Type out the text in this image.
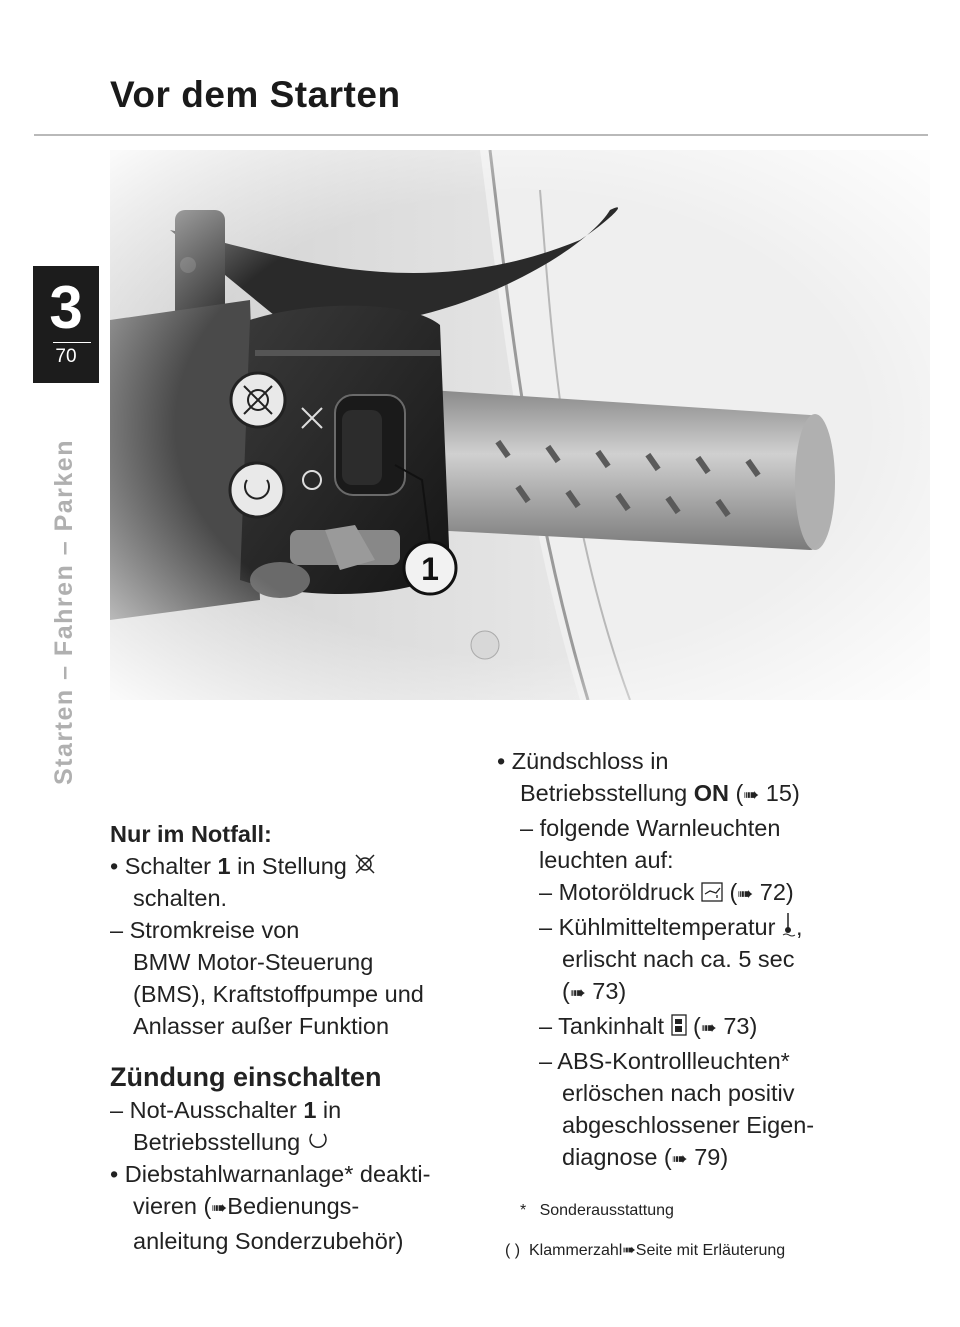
Vor dem Starten
3
70
Starten – Fahren – Parken
Nur im Notfall:
• Schalter 1 in Stellung
schalten.
– Stromkreise von
BMW Motor-Steuerung
(BMS), Kraftstoffpumpe und
Anlasser außer Funktion
Zündung einschalten
– Not-Ausschalter 1 in
Betriebsstellung
• Diebstahlwarnanlage* deakti-
vieren (➠Bedienungs-
anleitung Sonderzubehör)
• Zündschloss in
Betriebsstellung ON (➠ 15)
– folgende Warnleuchten
leuchten auf:
– Motoröldruck  (➠ 72)
– Kühlmitteltemperatur ,
erlischt nach ca. 5 sec
(➠ 73)
– Tankinhalt  (➠ 73)
– ABS-Kontrollleuchten*
erlöschen nach positiv
abgeschlossener Eigen-
diagnose (➠ 79)
* Sonderausstattung
( ) Klammerzahl➠Seite mit Erläuterung
